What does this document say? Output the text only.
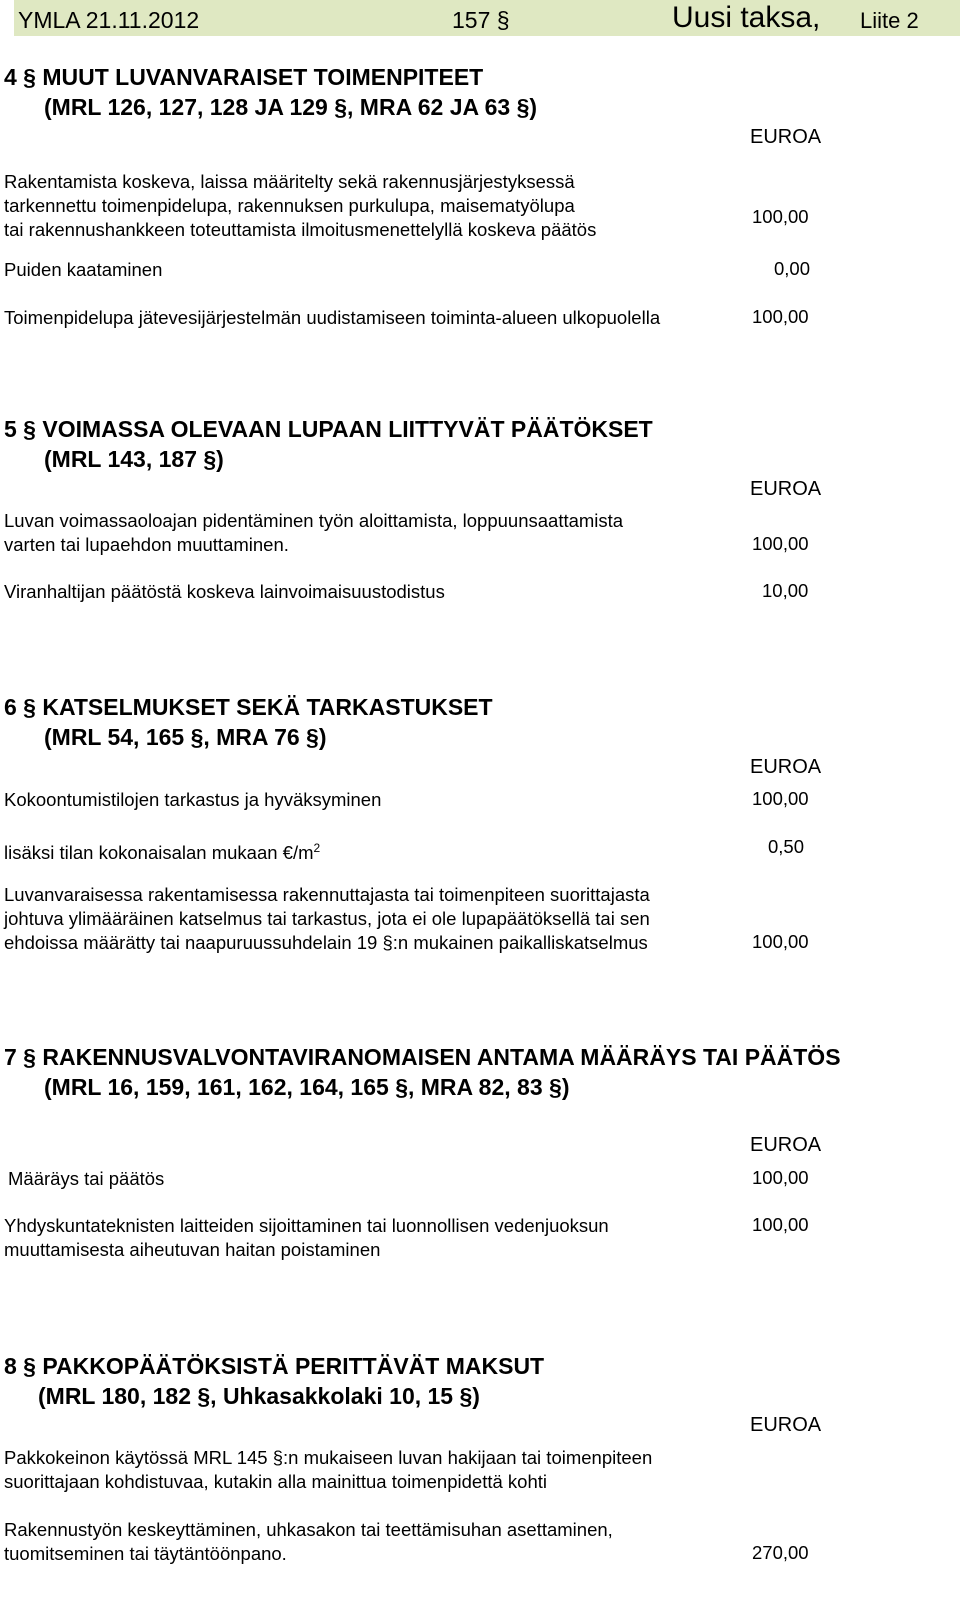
YMLA 21.11.2012	157 §	Uusi taksa, Liite 2
4 § MUUT LUVANVARAISET TOIMENPITEET
(MRL 126, 127, 128 JA 129 §, MRA 62 JA 63 §)
EUROA
Rakentamista koskeva, laissa määritelty sekä rakennusjärjestyksessä
tarkennettu toimenpidelupa, rakennuksen purkulupa, maisematyölupa
tai rakennushankkeen toteuttamista ilmoitusmenettelyllä koskeva päätös
100,00
Puiden kaataminen	0,00
Toimenpidelupa jätevesijärjestelmän uudistamiseen toiminta-alueen ulkopuolella	100,00
5 § VOIMASSA OLEVAAN LUPAAN LIITTYVÄT PÄÄTÖKSET
(MRL 143, 187 §)
EUROA
Luvan voimassaoloajan pidentäminen työn aloittamista, loppuunsaattamista
varten tai lupaehdon muuttaminen.	100,00
Viranhaltijan päätöstä koskeva lainvoimaisuustodistus	10,00
6 § KATSELMUKSET SEKÄ TARKASTUKSET
(MRL 54, 165 §, MRA 76 §)
EUROA
Kokoontumistilojen tarkastus ja hyväksyminen	100,00
lisäksi tilan kokonaisalan mukaan $€/m^2$	0,50
Luvanvaraisessa rakentamisessa rakennuttajasta tai toimenpiteen suorittajasta
johtuva ylimääräinen katselmus tai tarkastus, jota ei ole lupapäätöksellä tai sen
ehdoissa määrätty tai naapuruussuhdelain 19 §:n mukainen paikalliskatselmus	100,00
7 § RAKENNUSVALVONTAVIRANOMAISEN ANTAMA MÄÄRÄYS TAI PÄÄTÖS
(MRL 16, 159, 161, 162, 164, 165 §, MRA 82, 83 §)
EUROA
Määräys tai päätös	100,00
Yhdyskuntateknisten laitteiden sijoittaminen tai luonnollisen vedenjuoksun
muuttamisesta aiheutuvan haitan poistaminen
100,00
8 § PAKKOPÄÄTÖKSISTÄ PERITTÄVÄT MAKSUT
(MRL 180, 182 §, Uhkasakkolaki 10, 15 §)
EUROA
Pakkokeinon käytössä MRL 145 §:n mukaiseen luvan hakijaan tai toimenpiteen
suorittajaan kohdistuvaa, kutakin alla mainittua toimenpidettä kohti
Rakennustyön keskeyttäminen, uhkasakon tai teettämisuhan asettaminen,
tuomitseminen tai täytäntöönpano.	270,00
